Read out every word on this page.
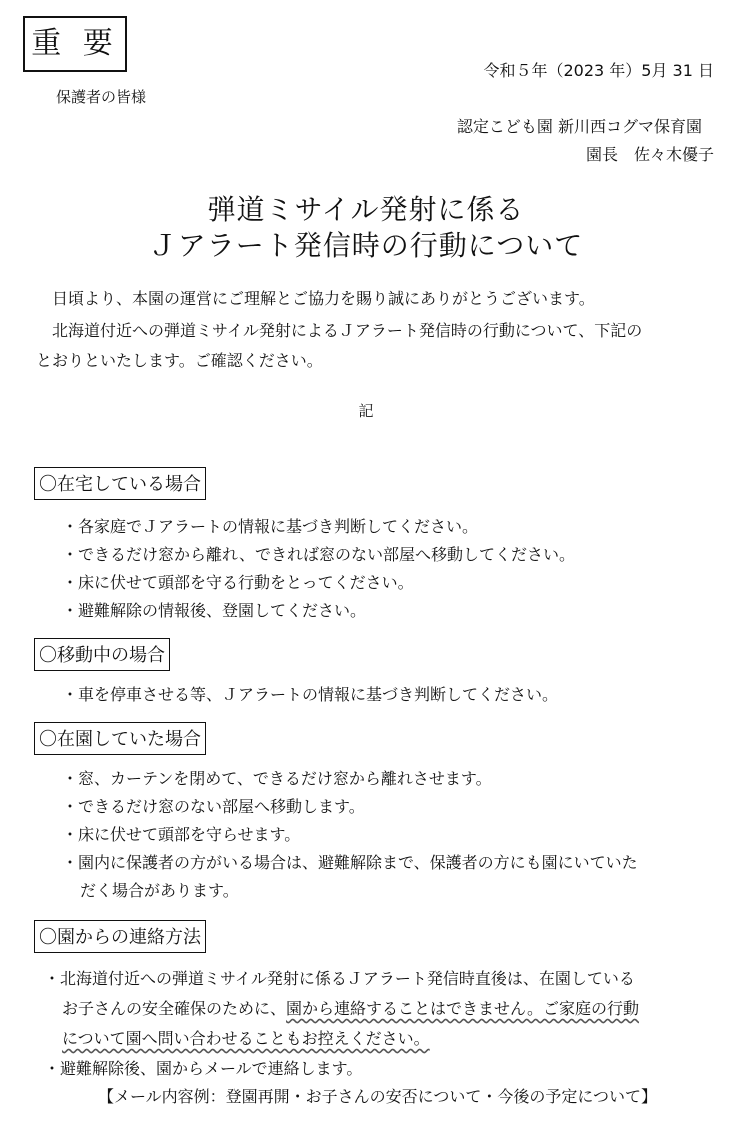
重 要
令和５年（2023 年）5月 31 日
保護者の皆様
認定こども園 新川西コグマ保育園
園長　佐々木優子
弾道ミサイル発射に係る
Ｊアラート発信時の行動について
日頃より、本園の運営にご理解とご協力を賜り誠にありがとうございます。
北海道付近への弾道ミサイル発射によるＪアラート発信時の行動について、下記の
とおりといたします。ご確認ください。
記
〇在宅している場合
・各家庭でＪアラートの情報に基づき判断してください。
・できるだけ窓から離れ、できれば窓のない部屋へ移動してください。
・床に伏せて頭部を守る行動をとってください。
・避難解除の情報後、登園してください。
〇移動中の場合
・車を停車させる等、Ｊアラートの情報に基づき判断してください。
〇在園していた場合
・窓、カーテンを閉めて、できるだけ窓から離れさせます。
・できるだけ窓のない部屋へ移動します。
・床に伏せて頭部を守らせます。
・園内に保護者の方がいる場合は、避難解除まで、保護者の方にも園にいていた
だく場合があります。
〇園からの連絡方法
・北海道付近への弾道ミサイル発射に係るＪアラート発信時直後は、在園している
お子さんの安全確保のために、園から連絡することはできません。ご家庭の行動
について園へ問い合わせることもお控えください。
・避難解除後、園からメールで連絡します。
【メール内容例：登園再開・お子さんの安否について・今後の予定について】
